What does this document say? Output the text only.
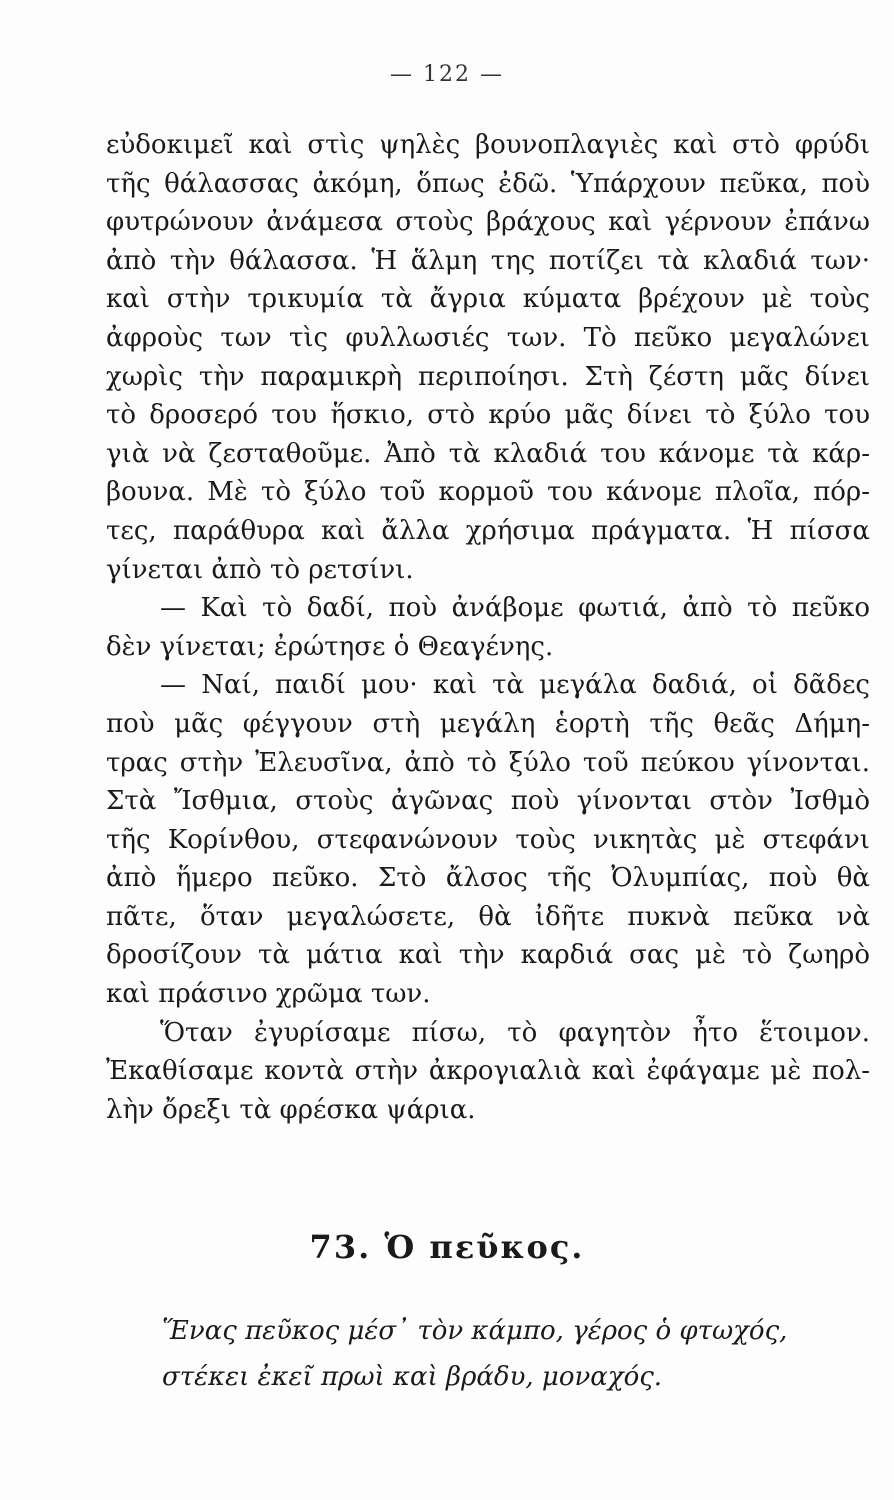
— 122 —
εὐδοκιμεῖ καὶ στὶς ψηλὲς βουνοπλαγιὲς καὶ στὸ φρύδι
τῆς θάλασσας ἀκόμη, ὅπως ἐδῶ. Ὑπάρχουν πεῦκα, ποὺ
φυτρώνουν ἀνάμεσα στοὺς βράχους καὶ γέρνουν ἐπάνω
ἀπὸ τὴν θάλασσα. Ἡ ἅλμη της ποτίζει τὰ κλαδιά των·
καὶ στὴν τρικυμία τὰ ἄγρια κύματα βρέχουν μὲ τοὺς
ἀφροὺς των τὶς φυλλωσιές των. Τὸ πεῦκο μεγαλώνει
χωρὶς τὴν παραμικρὴ περιποίησι. Στὴ ζέστη μᾶς δίνει
τὸ δροσερό του ἥσκιο, στὸ κρύο μᾶς δίνει τὸ ξύλο του
γιὰ νὰ ζεσταθοῦμε. Ἀπὸ τὰ κλαδιά του κάνομε τὰ κάρ-
βουνα. Μὲ τὸ ξύλο τοῦ κορμοῦ του κάνομε πλοῖα, πόρ-
τες, παράθυρα καὶ ἄλλα χρήσιμα πράγματα. Ἡ πίσσα
γίνεται ἀπὸ τὸ ρετσίνι.
— Καὶ τὸ δαδί, ποὺ ἀνάβομε φωτιά, ἀπὸ τὸ πεῦκο
δὲν γίνεται; ἐρώτησε ὁ Θεαγένης.
— Ναί, παιδί μου· καὶ τὰ μεγάλα δαδιά, οἱ δᾶδες
ποὺ μᾶς φέγγουν στὴ μεγάλη ἑορτὴ τῆς θεᾶς Δήμη-
τρας στὴν Ἐλευσῖνα, ἀπὸ τὸ ξύλο τοῦ πεύκου γίνονται.
Στὰ Ἴσθμια, στοὺς ἀγῶνας ποὺ γίνονται στὸν Ἰσθμὸ
τῆς Κορίνθου, στεφανώνουν τοὺς νικητὰς μὲ στεφάνι
ἀπὸ ἥμερο πεῦκο. Στὸ ἄλσος τῆς Ὀλυμπίας, ποὺ θὰ
πᾶτε, ὅταν μεγαλώσετε, θὰ ἰδῆτε πυκνὰ πεῦκα νὰ
δροσίζουν τὰ μάτια καὶ τὴν καρδιά σας μὲ τὸ ζωηρὸ
καὶ πράσινο χρῶμα των.
Ὅταν ἐγυρίσαμε πίσω, τὸ φαγητὸν ἦτο ἕτοιμον.
Ἐκαθίσαμε κοντὰ στὴν ἀκρογιαλιὰ καὶ ἐφάγαμε μὲ πολ-
λὴν ὄρεξι τὰ φρέσκα ψάρια.
73. Ὁ πεῦκος.
Ἕνας πεῦκος μέσ᾽ τὸν κάμπο, γέρος ὁ φτωχός,
στέκει ἐκεῖ πρωὶ καὶ βράδυ, μοναχός.
